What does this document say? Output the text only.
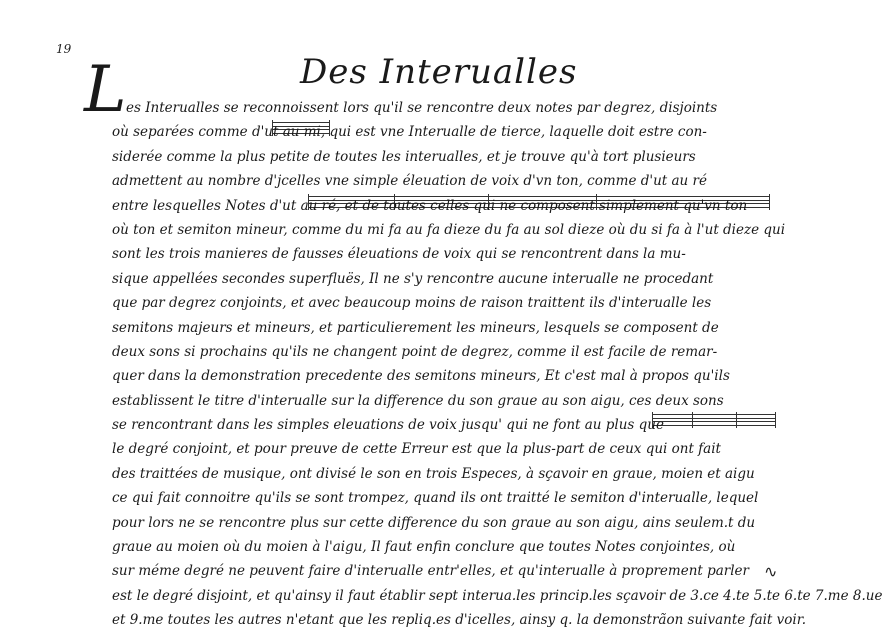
19
Des Interualles
L es Interualles se reconnoissent lors qu'il se rencontre deux notes par degrez, disjoints
où separées comme d'ut au mi, qui est vne Interualle de tierce, laquelle doit estre con-
siderée comme la plus petite de toutes les interualles, et je trouve qu'à tort plusieurs
admettent au nombre d'jcelles vne simple éleuation de voix d'vn ton, comme d'ut au ré
entre lesquelles Notes d'ut au ré, et de toutes celles qui ne composent simplement qu'vn ton
où ton et semiton mineur, comme du mi fa au fa dieze du fa au sol dieze où du si fa à l'ut dieze qui
sont les trois manieres de fausses éleuations de voix qui se rencontrent dans la mu-
sique appellées secondes superfluës, Il ne s'y rencontre aucune interualle ne procedant
que par degrez conjoints, et avec beaucoup moins de raison traittent ils d'interualle les
semitons majeurs et mineurs, et particulierement les mineurs, lesquels se composent de
deux sons si prochains qu'ils ne changent point de degrez, comme il est facile de remar-
quer dans la demonstration precedente des semitons mineurs, Et c'est mal à propos qu'ils
establissent le titre d'interualle sur la difference du son graue au son aigu, ces deux sons
se rencontrant dans les simples eleuations de voix jusqu' qui ne font au plus que
le degré conjoint, et pour preuve de cette Erreur est que la plus-part de ceux qui ont fait
des traittées de musique, ont divisé le son en trois Especes, à sçavoir en graue, moien et aigu
ce qui fait connoitre qu'ils se sont trompez, quand ils ont traitté le semiton d'interualle, lequel
pour lors ne se rencontre plus sur cette difference du son graue au son aigu, ains seulem.t du
graue au moien où du moien à l'aigu, Il faut enfin conclure que toutes Notes conjointes, où
sur méme degré ne peuvent faire d'interualle entr'elles, et qu'interualle à proprement parler
est le degré disjoint, et qu'ainsy il faut établir sept interua.les princip.les sçavoir de 3.ce 4.te 5.te 6.te 7.me 8.ue
et 9.me toutes les autres n'etant que les repliq.es d'icelles, ainsy q. la demonstrãon suivante fait voir.
∿
